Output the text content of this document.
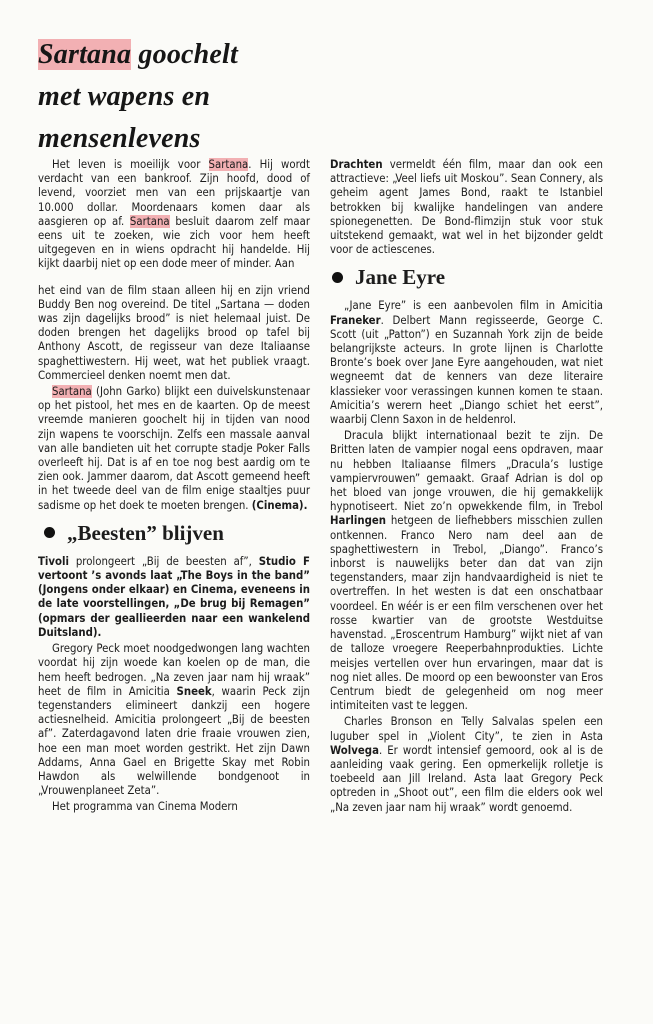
Sartana goochelt
met wapens en
mensenlevens

Het leven is moeilijk voor Sartana. Hij wordt verdacht van een bankroof. Zijn hoofd, dood of levend, voorziet men van een prijskaartje van 10.000 dollar. Moordenaars komen daar als aasgieren op af. Sartana besluit daarom zelf maar eens uit te zoeken, wie zich voor hem heeft uitgegeven en in wiens opdracht hij handelde. Hij kijkt daarbij niet op een dode meer of minder. Aan

het eind van de film staan alleen hij en zijn vriend Buddy Ben nog overeind. De titel „Sartana — doden was zijn dagelijks brood” is niet helemaal juist. De doden brengen het dagelijks brood op tafel bij Anthony Ascott, de regisseur van deze Italiaanse spaghettiwestern. Hij weet, wat het publiek vraagt. Commercieel denken noemt men dat.

Sartana (John Garko) blijkt een duivelskunstenaar op het pistool, het mes en de kaarten. Op de meest vreemde manieren goochelt hij in tijden van nood zijn wapens te voorschijn. Zelfs een massale aanval van alle bandieten uit het corrupte stadje Poker Falls overleeft hij. Dat is af en toe nog best aardig om te zien ook. Jammer daarom, dat Ascott gemeend heeft in het tweede deel van de film enige staaltjes puur sadisme op het doek te moeten brengen. (Cinema).

„Beesten” blijven

Tivoli prolongeert „Bij de beesten af”, Studio F vertoont ’s avonds laat „The Boys in the band” (Jongens onder elkaar) en Cinema, eveneens in de late voorstellingen, „De brug bij Remagen” (opmars der geallieerden naar een wankelend Duitsland).

Gregory Peck moet noodgedwongen lang wachten voordat hij zijn woede kan koelen op de man, die hem heeft bedrogen. „Na zeven jaar nam hij wraak” heet de film in Amicitia Sneek, waarin Peck zijn tegenstanders elimineert dankzij een hogere actiesnelheid. Amicitia prolongeert „Bij de beesten af”. Zaterdagavond laten drie fraaie vrouwen zien, hoe een man moet worden gestrikt. Het zijn Dawn Addams, Anna Gael en Brigette Skay met Robin Hawdon als welwillende bondgenoot in „Vrouwenplaneet Zeta”.

Het programma van Cinema Modern

Drachten vermeldt één film, maar dan ook een attractieve: „Veel liefs uit Moskou”. Sean Connery, als geheim agent James Bond, raakt te Istanbiel betrokken bij kwalijke handelingen van andere spionegenetten. De Bond-flimzijn stuk voor stuk uitstekend gemaakt, wat wel in het bijzonder geldt voor de actiescenes.

Jane Eyre

„Jane Eyre” is een aanbevolen film in Amicitia Franeker. Delbert Mann regisseerde, George C. Scott (uit „Patton”) en Suzannah York zijn de beide belangrijkste acteurs. In grote lijnen is Charlotte Bronte’s boek over Jane Eyre aangehouden, wat niet wegneemt dat de kenners van deze literaire klassieker voor verassingen kunnen komen te staan. Amicitia’s werern heet „Diango schiet het eerst”, waarbij Clenn Saxon in de heldenrol.

Dracula blijkt internationaal bezit te zijn. De Britten laten de vampier nogal eens opdraven, maar nu hebben Italiaanse filmers „Dracula’s lustige vampiervrouwen” gemaakt. Graaf Adrian is dol op het bloed van jonge vrouwen, die hij gemakkelijk hypnotiseert. Niet zo’n opwekkende film, in Trebol Harlingen hetgeen de liefhebbers misschien zullen ontkennen. Franco Nero nam deel aan de spaghettiwestern in Trebol, „Diango”. Franco’s inborst is nauwelijks beter dan dat van zijn tegenstanders, maar zijn handvaardigheid is niet te overtreffen. In het westen is dat een onschatbaar voordeel. En wéér is er een film verschenen over het rosse kwartier van de grootste Westduitse havenstad. „Eroscentrum Hamburg” wijkt niet af van de talloze vroegere Reeperbahnprodukties. Lichte meisjes vertellen over hun ervaringen, maar dat is nog niet alles. De moord op een bewoonster van Eros Centrum biedt de gelegenheid om nog meer intimiteiten vast te leggen.

Charles Bronson en Telly Salvalas spelen een luguber spel in „Violent City”, te zien in Asta Wolvega. Er wordt intensief gemoord, ook al is de aanleiding vaak gering. Een opmerkelijk rolletje is toebeeld aan Jill Ireland. Asta laat Gregory Peck optreden in „Shoot out”, een film die elders ook wel „Na zeven jaar nam hij wraak” wordt genoemd.
